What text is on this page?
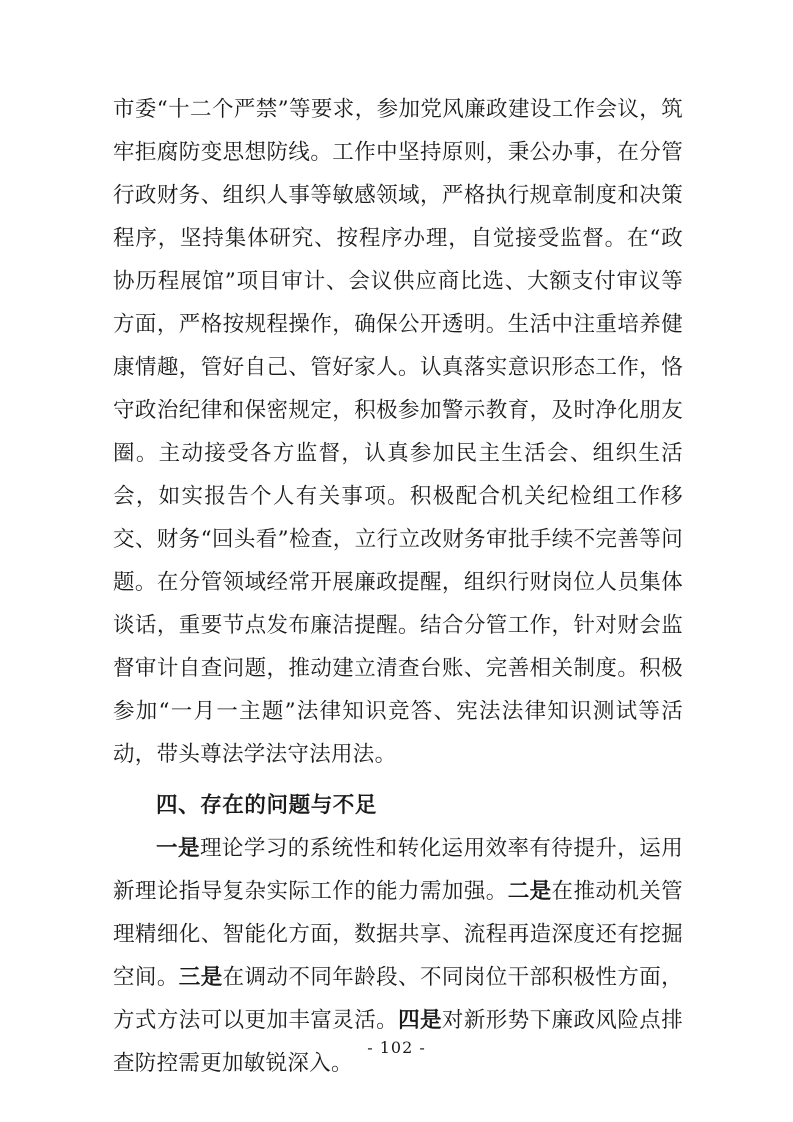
市委“十二个严禁”等要求，参加党风廉政建设工作会议，筑牢拒腐防变思想防线。工作中坚持原则，秉公办事，在分管行政财务、组织人事等敏感领域，严格执行规章制度和决策程序，坚持集体研究、按程序办理，自觉接受监督。在“政协历程展馆”项目审计、会议供应商比选、大额支付审议等方面，严格按规程操作，确保公开透明。生活中注重培养健康情趣，管好自己、管好家人。认真落实意识形态工作，恪守政治纪律和保密规定，积极参加警示教育，及时净化朋友圈。主动接受各方监督，认真参加民主生活会、组织生活会，如实报告个人有关事项。积极配合机关纪检组工作移交、财务“回头看”检查，立行立改财务审批手续不完善等问题。在分管领域经常开展廉政提醒，组织行财岗位人员集体谈话，重要节点发布廉洁提醒。结合分管工作，针对财会监督审计自查问题，推动建立清查台账、完善相关制度。积极参加“一月一主题”法律知识竞答、宪法法律知识测试等活动，带头尊法学法守法用法。

四、存在的问题与不足

一是理论学习的系统性和转化运用效率有待提升，运用新理论指导复杂实际工作的能力需加强。二是在推动机关管理精细化、智能化方面，数据共享、流程再造深度还有挖掘空间。三是在调动不同年龄段、不同岗位干部积极性方面，方式方法可以更加丰富灵活。四是对新形势下廉政风险点排查防控需更加敏锐深入。

- 102 -
